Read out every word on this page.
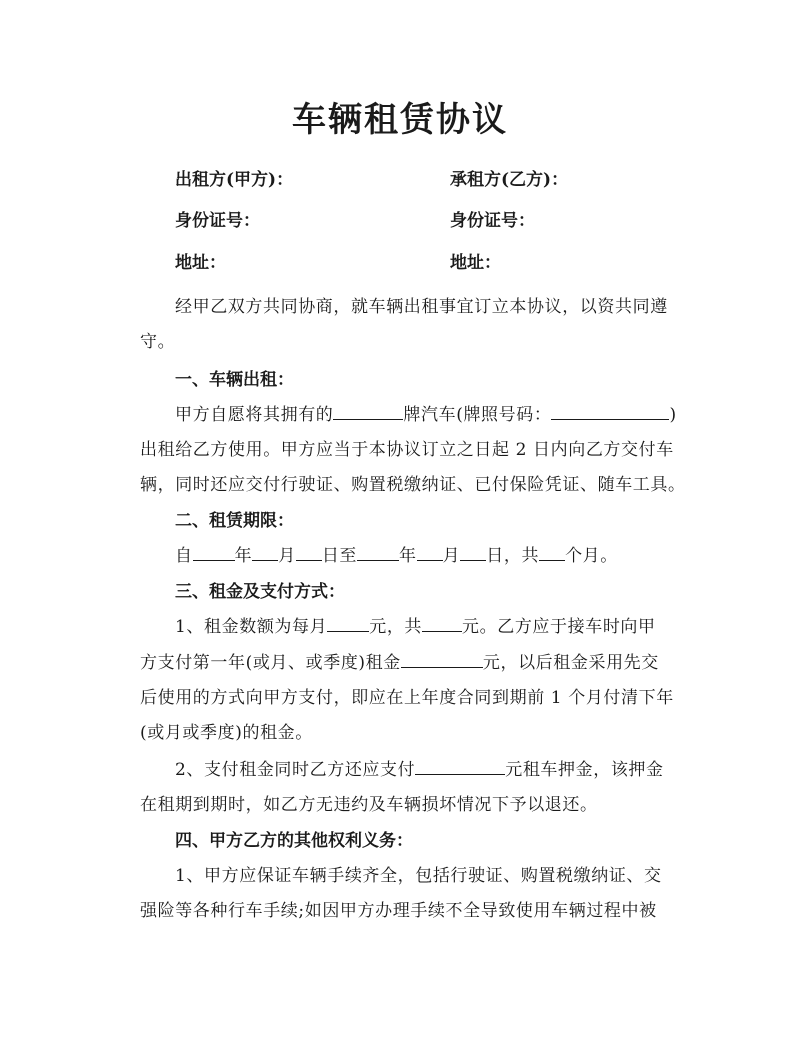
车辆租赁协议
出租方(甲方)：	承租方(乙方)：
身份证号：	身份证号：
地址：	地址：
经甲乙双方共同协商，就车辆出租事宜订立本协议，以资共同遵
守。
一、车辆出租：
甲方自愿将其拥有的	牌汽车(牌照号码：	)
出租给乙方使用。甲方应当于本协议订立之日起 2 日内向乙方交付车
辆，同时还应交付行驶证、购置税缴纳证、已付保险凭证、随车工具。
二、租赁期限：
自 年 月 日至 年 月 日，共 个月。
三、租金及支付方式：
1、租金数额为每月 元，共 元。乙方应于接车时向甲
方支付第一年(或月、或季度)租金	元，以后租金采用先交
后使用的方式向甲方支付，即应在上年度合同到期前 1 个月付清下年
(或月或季度)的租金。
2、支付租金同时乙方还应支付	元租车押金，该押金
在租期到期时，如乙方无违约及车辆损坏情况下予以退还。
四、甲方乙方的其他权利义务：
1、甲方应保证车辆手续齐全，包括行驶证、购置税缴纳证、交
强险等各种行车手续;如因甲方办理手续不全导致使用车辆过程中被
